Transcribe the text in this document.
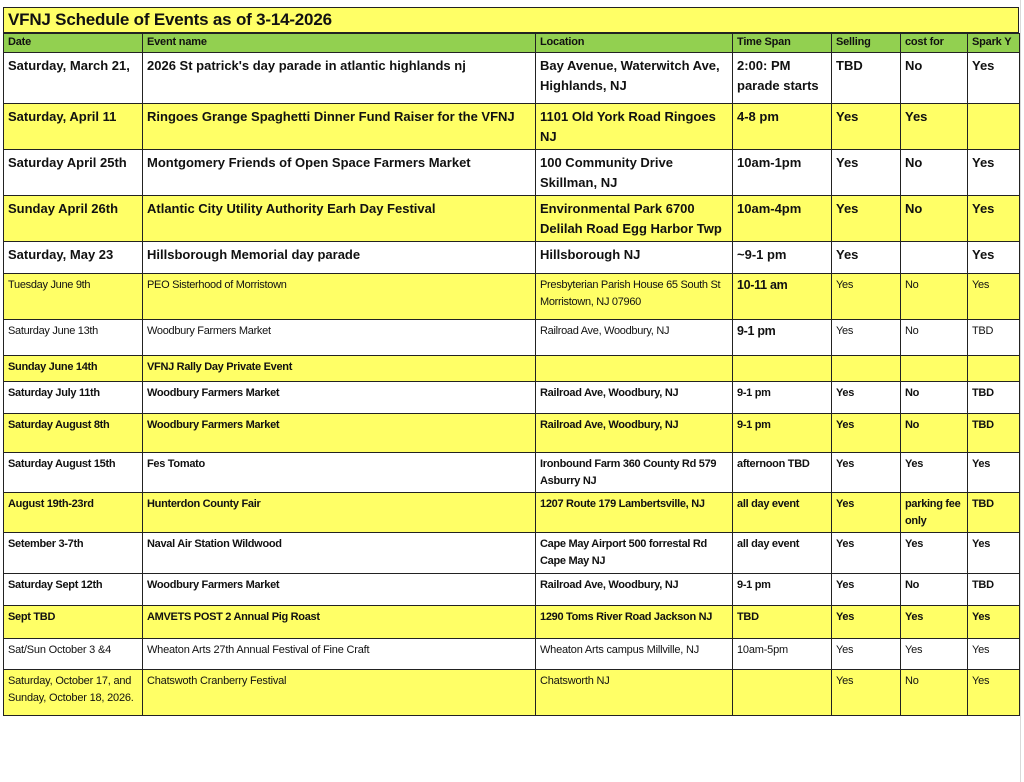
VFNJ Schedule of Events as of 3-14-2026
Date	Event name	Location	Time Span	Selling	cost for	Spark Y
Saturday, March 21,	2026 St patrick's day parade in atlantic highlands nj	Bay Avenue, Waterwitch Ave, Highlands, NJ	2:00: PM parade starts	TBD	No	Yes
Saturday, April 11	Ringoes Grange Spaghetti Dinner Fund Raiser for the VFNJ	1101 Old York Road Ringoes NJ	4-8 pm	Yes	Yes	
Saturday April 25th	Montgomery Friends of Open Space Farmers Market	100 Community Drive Skillman, NJ	10am-1pm	Yes	No	Yes
Sunday April 26th	Atlantic City Utility Authority Earh Day Festival	Environmental Park 6700 Delilah Road Egg Harbor Twp	10am-4pm	Yes	No	Yes
Saturday, May 23	Hillsborough Memorial day parade	Hillsborough NJ	~9-1 pm	Yes		Yes
Tuesday June 9th	PEO Sisterhood of Morristown	Presbyterian Parish House 65 South St Morristown, NJ 07960	10-11 am	Yes	No	Yes
Saturday June 13th	Woodbury Farmers Market	Railroad Ave, Woodbury, NJ	9-1 pm	Yes	No	TBD
Sunday June 14th	VFNJ Rally Day Private Event					
Saturday July 11th	Woodbury Farmers Market	Railroad Ave, Woodbury, NJ	9-1 pm	Yes	No	TBD
Saturday August 8th	Woodbury Farmers Market	Railroad Ave, Woodbury, NJ	9-1 pm	Yes	No	TBD
Saturday August 15th	Fes Tomato	Ironbound Farm 360 County Rd 579 Asburry NJ	afternoon TBD	Yes	Yes	Yes
August 19th-23rd	Hunterdon County Fair	1207 Route 179 Lambertsville, NJ	all day event	Yes	parking fee only	TBD
Setember 3-7th	Naval Air Station Wildwood	Cape May Airport 500 forrestal Rd Cape May NJ	all day event	Yes	Yes	Yes
Saturday Sept 12th	Woodbury Farmers Market	Railroad Ave, Woodbury, NJ	9-1 pm	Yes	No	TBD
Sept TBD	AMVETS POST 2 Annual Pig Roast	1290 Toms River Road Jackson NJ	TBD	Yes	Yes	Yes
Sat/Sun October 3 &4	Wheaton Arts 27th Annual Festival of Fine Craft	Wheaton Arts campus Millville, NJ	10am-5pm	Yes	Yes	Yes
Saturday, October 17, and Sunday, October 18, 2026.	Chatswoth Cranberry Festival	Chatsworth NJ		Yes	No	Yes
